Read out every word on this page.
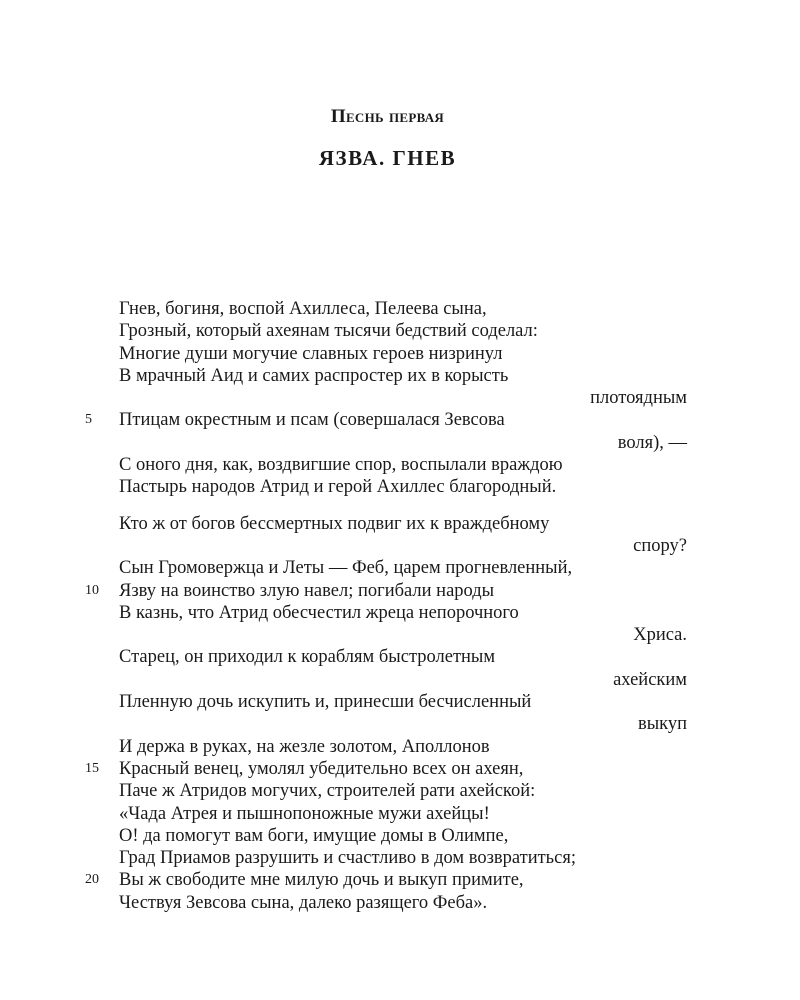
Песнь первая
ЯЗВА. ГНЕВ
Гнев, богиня, воспой Ахиллеса, Пелеева сына,
Грозный, который ахеянам тысячи бедствий соделал:
Многие души могучие славных героев низринул
В мрачный Аид и самих распростер их в корысть
плотоядным
5	Птицам окрестным и псам (совершалася Зевсова
воля), —
С оного дня, как, воздвигшие спор, воспылали враждою
Пастырь народов Атрид и герой Ахиллес благородный.
Кто ж от богов бессмертных подвиг их к враждебному
спору?
Сын Громовержца и Леты — Феб, царем прогневленный,
10	Язву на воинство злую навел; погибали народы
В казнь, что Атрид обесчестил жреца непорочного
Хриса.
Старец, он приходил к кораблям быстролетным
ахейским
Пленную дочь искупить и, принесши бесчисленный
выкуп
И держа в руках, на жезле золотом, Аполлонов
15	Красный венец, умолял убедительно всех он ахеян,
Паче ж Атридов могучих, строителей рати ахейской:
«Чада Атрея и пышнопоножные мужи ахейцы!
О! да помогут вам боги, имущие домы в Олимпе,
Град Приамов разрушить и счастливо в дом возвратиться;
20	Вы ж свободите мне милую дочь и выкуп примите,
Чествуя Зевсова сына, далеко разящего Феба».
